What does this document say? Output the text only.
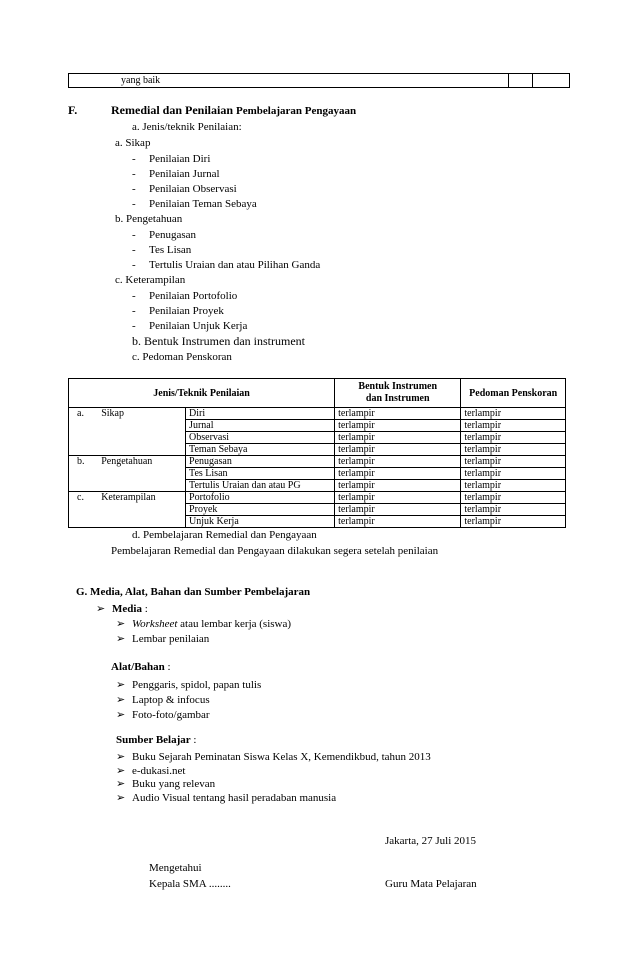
yang baik		
F.	Remedial dan Penilaian Pembelajaran Pengayaan
a. Jenis/teknik Penilaian:
a. Sikap
- Penilaian Diri
- Penilaian Jurnal
- Penilaian Observasi
- Penilaian Teman Sebaya
b. Pengetahuan
- Penugasan
- Tes Lisan
- Tertulis Uraian dan atau Pilihan Ganda
c. Keterampilan
- Penilaian Portofolio
- Penilaian Proyek
- Penilaian Unjuk Kerja
b. Bentuk Instrumen dan instrument
c. Pedoman Penskoran
Jenis/Teknik Penilaian			Bentuk Instrumen
dan Instrumen	Pedoman Penskoran
a.	Sikap	Diri	terlampir	terlampir
		Jurnal	terlampir	terlampir
		Observasi	terlampir	terlampir
		Teman Sebaya	terlampir	terlampir
b.	Pengetahuan	Penugasan	terlampir	terlampir
		Tes Lisan	terlampir	terlampir
		Tertulis Uraian dan atau PG	terlampir	terlampir
c.	Keterampilan	Portofolio	terlampir	terlampir
		Proyek	terlampir	terlampir
		Unjuk Kerja	terlampir	terlampir
d. Pembelajaran Remedial dan Pengayaan
Pembelajaran Remedial dan Pengayaan dilakukan segera setelah penilaian
G. Media, Alat, Bahan dan Sumber Pembelajaran
➢ Media :
➢ Worksheet atau lembar kerja (siswa)
➢ Lembar penilaian
Alat/Bahan :
➢ Penggaris, spidol, papan tulis
➢ Laptop & infocus
➢ Foto-foto/gambar
Sumber Belajar :
➢ Buku Sejarah Peminatan Siswa Kelas X, Kemendikbud, tahun 2013
➢ e-dukasi.net
➢ Buku yang relevan
➢ Audio Visual tentang hasil peradaban manusia
Jakarta, 27 Juli 2015
Mengetahui
Kepala SMA ........	Guru Mata Pelajaran
